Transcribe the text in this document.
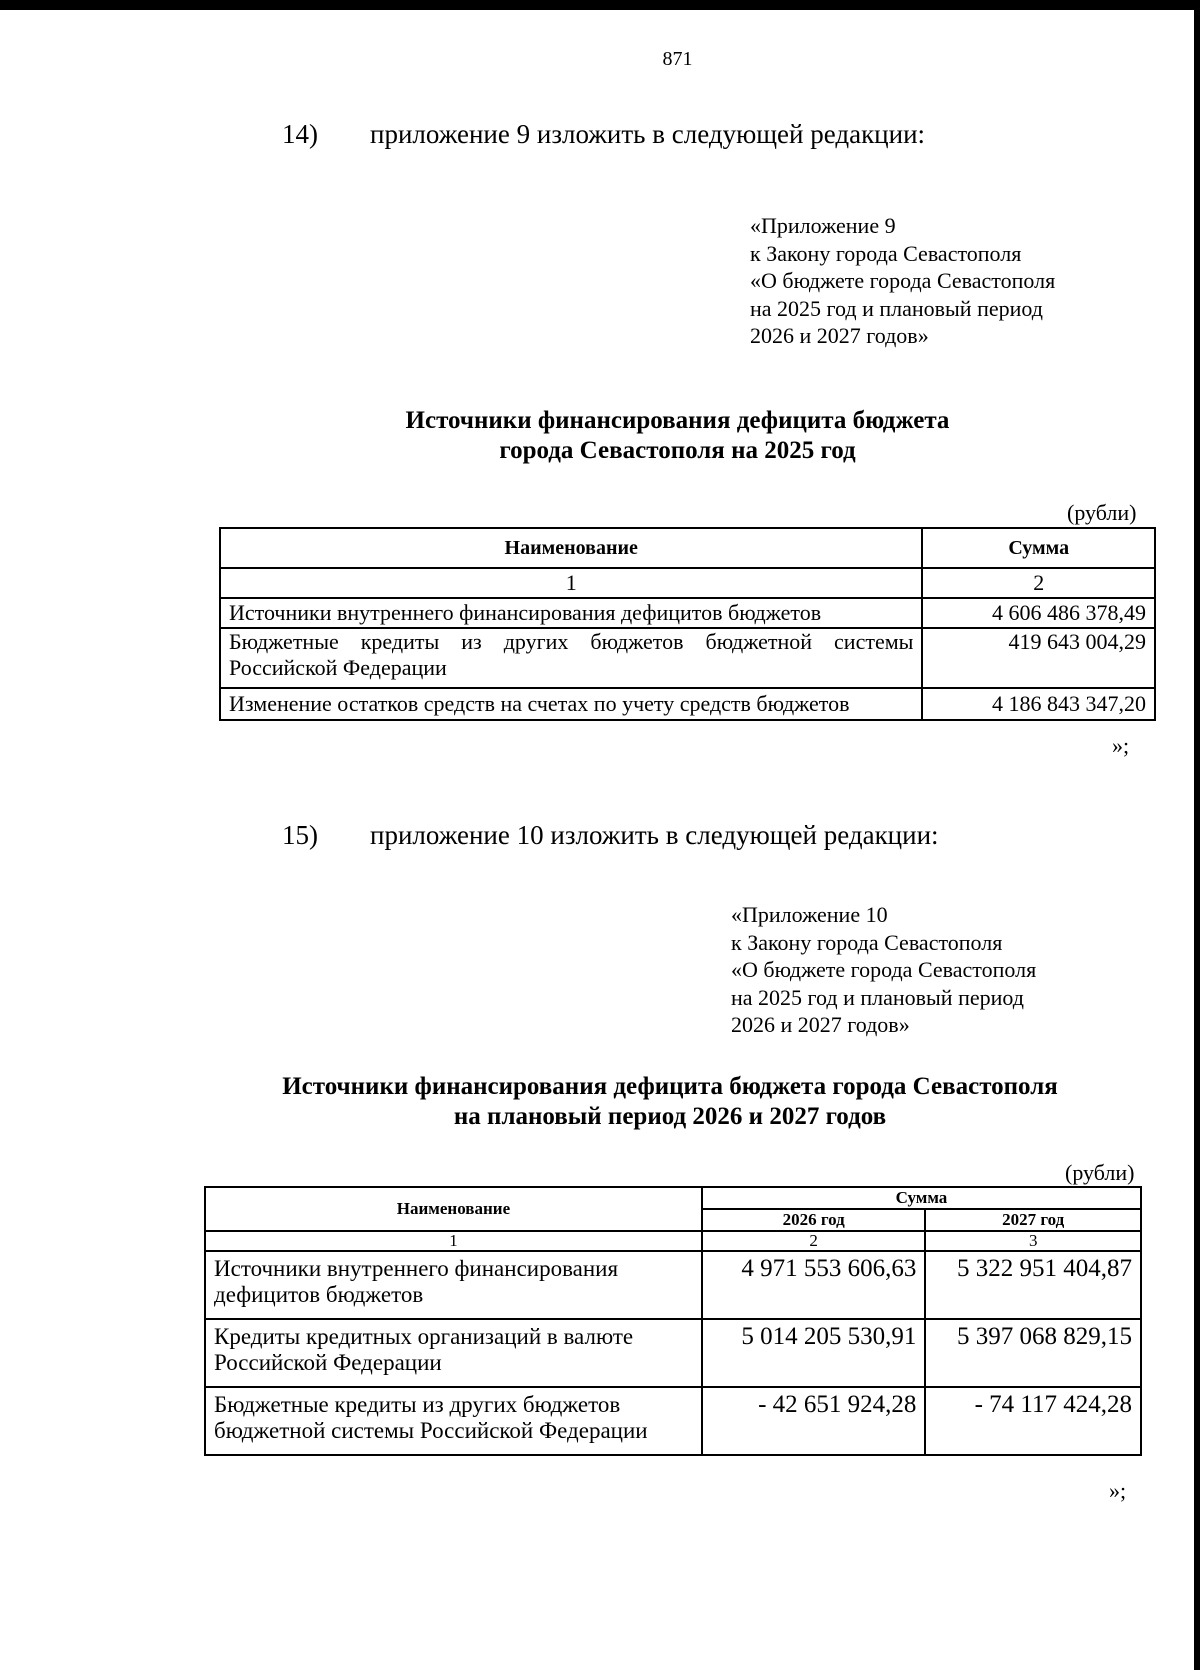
871
14) приложение 9 изложить в следующей редакции:
«Приложение 9
к Закону города Севастополя
«О бюджете города Севастополя
на 2025 год и плановый период
2026 и 2027 годов»
Источники финансирования дефицита бюджета
города Севастополя на 2025 год
(рубли)
Наименование	Сумма
1	2
Источники внутреннего финансирования дефицитов бюджетов	4 606 486 378,49
Бюджетные кредиты из других бюджетов бюджетной системы Российской Федерации	419 643 004,29
Изменение остатков средств на счетах по учету средств бюджетов	4 186 843 347,20
»;
15) приложение 10 изложить в следующей редакции:
«Приложение 10
к Закону города Севастополя
«О бюджете города Севастополя
на 2025 год и плановый период
2026 и 2027 годов»
Источники финансирования дефицита бюджета города Севастополя
на плановый период 2026 и 2027 годов
(рубли)
Наименование	Сумма	
	2026 год	2027 год
1	2	3
Источники внутреннего финансирования дефицитов бюджетов	4 971 553 606,63	5 322 951 404,87
Кредиты кредитных организаций в валюте Российской Федерации	5 014 205 530,91	5 397 068 829,15
Бюджетные кредиты из других бюджетов бюджетной системы Российской Федерации	- 42 651 924,28	- 74 117 424,28
»;
